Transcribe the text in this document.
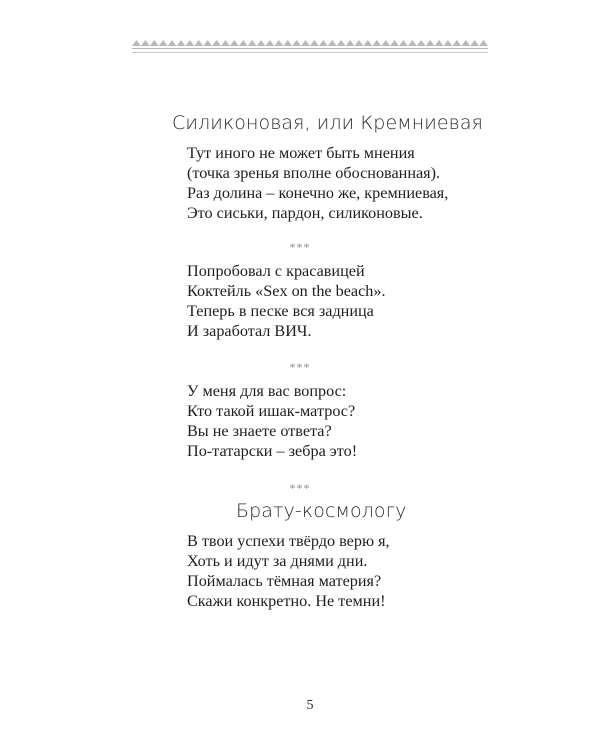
Силиконовая, или Кремниевая

Тут иного не может быть мнения
(точка зренья вполне обоснованная).
Раз долина – конечно же, кремниевая,
Это сиськи, пардон, силиконовые.

***

Попробовал с красавицей
Коктейль «Sex on the beach».
Теперь в песке вся задница
И заработал ВИЧ.

***

У меня для вас вопрос:
Кто такой ишак-матрос?
Вы не знаете ответа?
По-татарски – зебра это!

***
Брату-космологу

В твои успехи твёрдо верю я,
Хоть и идут за днями дни.
Поймалась тёмная материя?
Скажи конкретно. Не темни!

5
